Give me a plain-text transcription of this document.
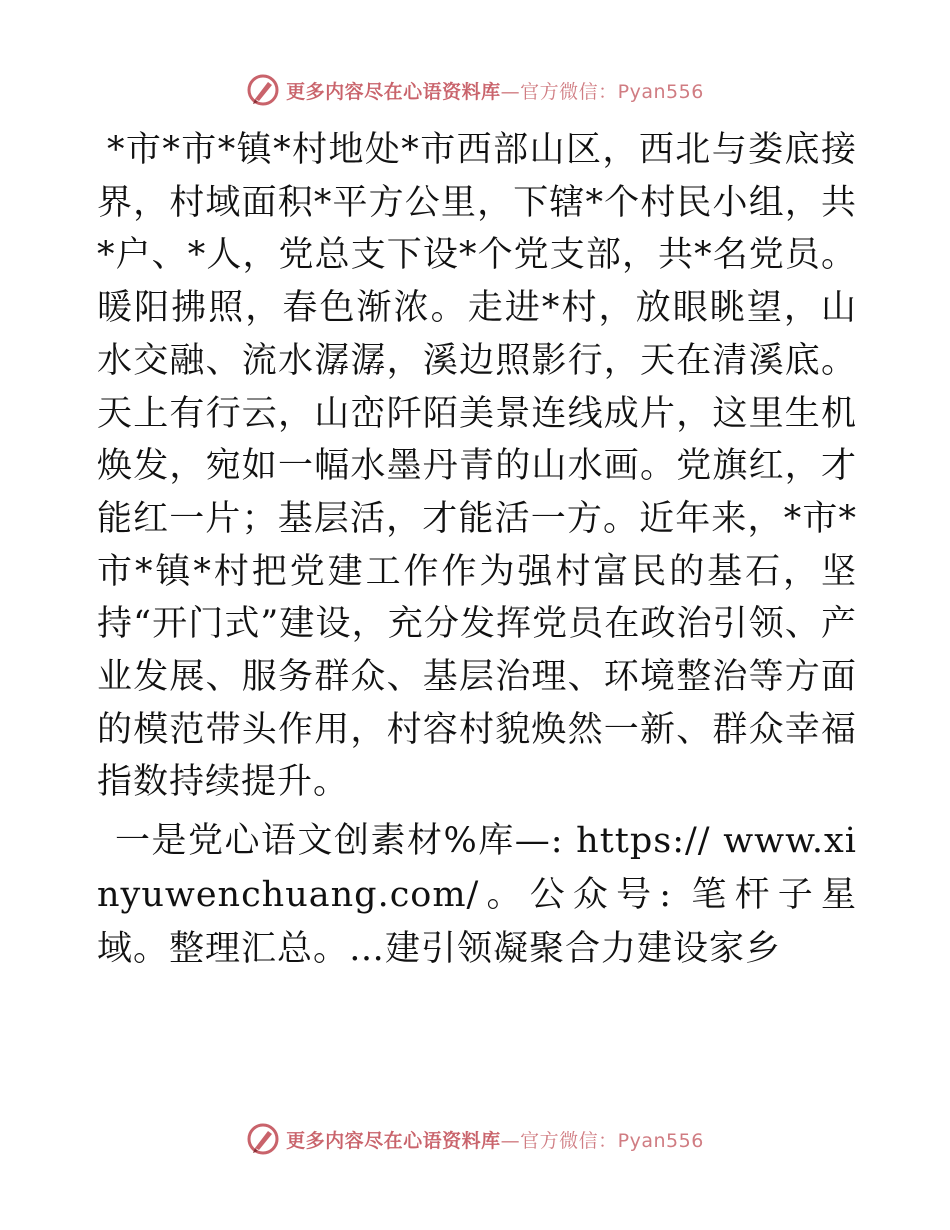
更多内容尽在心语资料库—官方微信：Pyan556

*市*市*镇*村地处*市西部山区，西北与娄底接界，村域面积*平方公里，下辖*个村民小组，共*户、*人，党总支下设*个党支部，共*名党员。暖阳拂照，春色渐浓。走进*村，放眼眺望，山水交融、流水潺潺，溪边照影行，天在清溪底。天上有行云，山峦阡陌美景连线成片，这里生机焕发，宛如一幅水墨丹青的山水画。党旗红，才能红一片；基层活，才能活一方。近年来，*市*市*镇*村把党建工作作为强村富民的基石，坚持“开门式”建设，充分发挥党员在政治引领、产业发展、服务群众、基层治理、环境整治等方面的模范带头作用，村容村貌焕然一新、群众幸福指数持续提升。

一是党心语文创素材%库—: https:// www.xinyuwenchuang.com/。公众号: 笔杆子星域。整理汇总。…建引领凝聚合力建设家乡

更多内容尽在心语资料库—官方微信：Pyan556
